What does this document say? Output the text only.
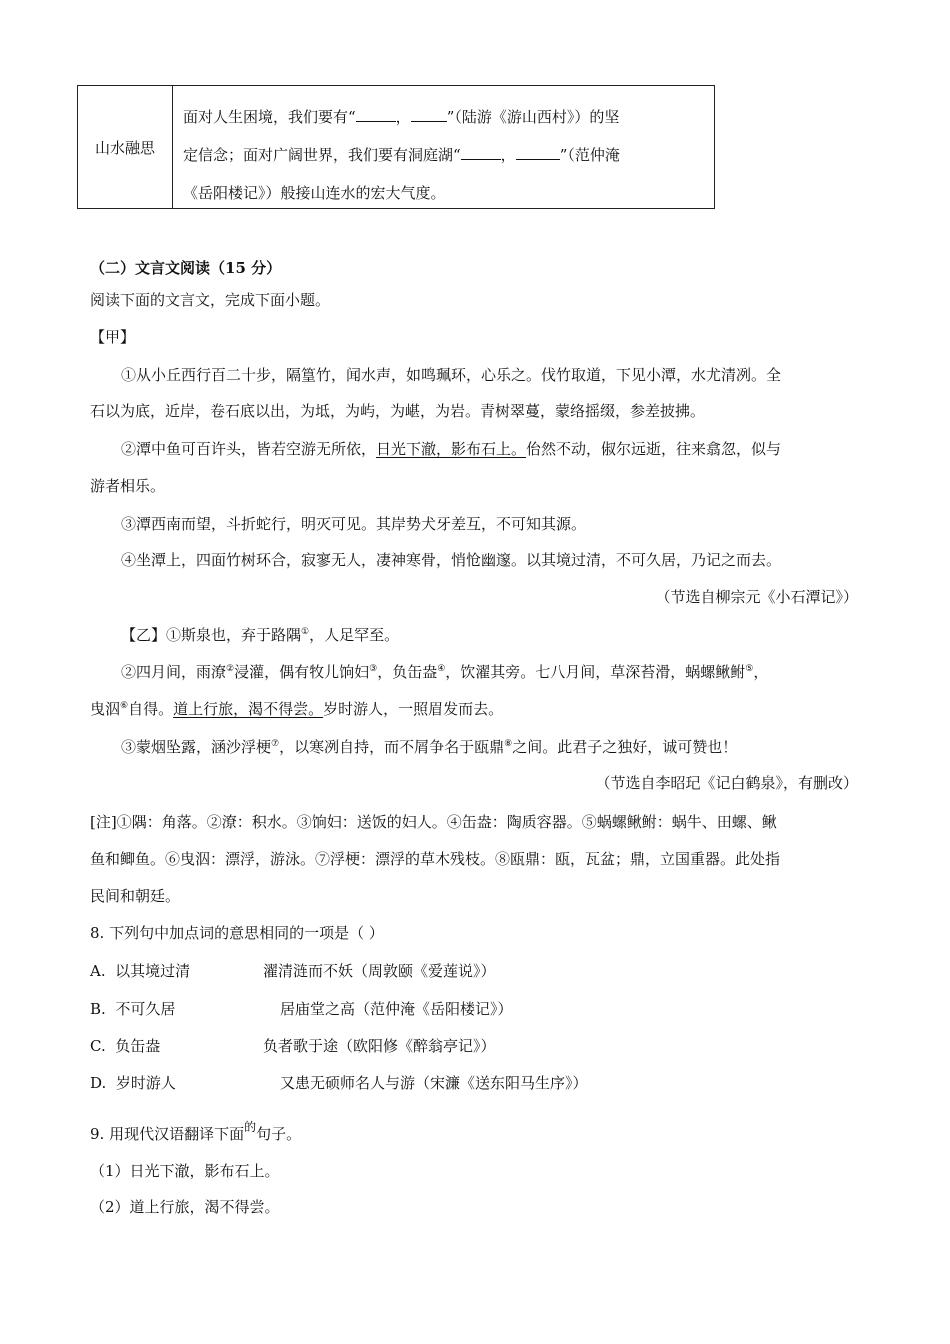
山水融思
面对人生困境，我们要有“	， ”（陆游《游山西村》）的坚
定信念；面对广阔世界，我们要有洞庭湖“	，	”（范仲淹
《岳阳楼记》）般接山连水的宏大气度。
（二）文言文阅读（15 分）
阅读下面的文言文，完成下面小题。
【甲】
①从小丘西行百二十步，隔篁竹，闻水声，如鸣珮环，心乐之。伐竹取道，下见小潭，水尤清冽。全
石以为底，近岸，卷石底以出，为坻，为屿，为嵁，为岩。青树翠蔓，蒙络摇缀，参差披拂。
②潭中鱼可百许头，皆若空游无所依，日光下澈，影布石上。佁然不动，俶尔远逝，往来翕忽，似与
游者相乐。
③潭西南而望，斗折蛇行，明灭可见。其岸势犬牙差互，不可知其源。
④坐潭上，四面竹树环合，寂寥无人，凄神寒骨，悄怆幽邃。以其境过清，不可久居，乃记之而去。
（节选自柳宗元《小石潭记》）
【乙】①斯泉也，弃于路隅①，人足罕至。
②四月间，雨潦②浸灌，偶有牧儿饷妇③，负缶盎④，饮濯其旁。七八月间，草深苔滑，蜗螺鳅鲋⑤，
曳泅⑥自得。道上行旅，渴不得尝。岁时游人，一照眉发而去。
③蒙烟坠露，涵沙浮梗⑦，以寒冽自持，而不屑争名于瓯鼎⑧之间。此君子之独好，诚可赞也！
（节选自李昭玘《记白鹤泉》，有删改）
[注]①隅：角落。②潦：积水。③饷妇：送饭的妇人。④缶盎：陶质容器。⑤蜗螺鳅鲋：蜗牛、田螺、鳅
鱼和鲫鱼。⑥曳泅：漂浮，游泳。⑦浮梗：漂浮的草木残枝。⑧瓯鼎：瓯，瓦盆；鼎，立国重器。此处指
民间和朝廷。
8. 下列句中加点词的意思相同的一项是（ ）
A. 以其境过清	濯清涟而不妖（周敦颐《爱莲说》）
B. 不可久居	居庙堂之高（范仲淹《岳阳楼记》）
C. 负缶盎	负者歌于途（欧阳修《醉翁亭记》）
D. 岁时游人	又患无硕师名人与游（宋濂《送东阳马生序》）
9. 用现代汉语翻译下面$^的$句子。
（1）日光下澈，影布石上。
（2）道上行旅，渴不得尝。
